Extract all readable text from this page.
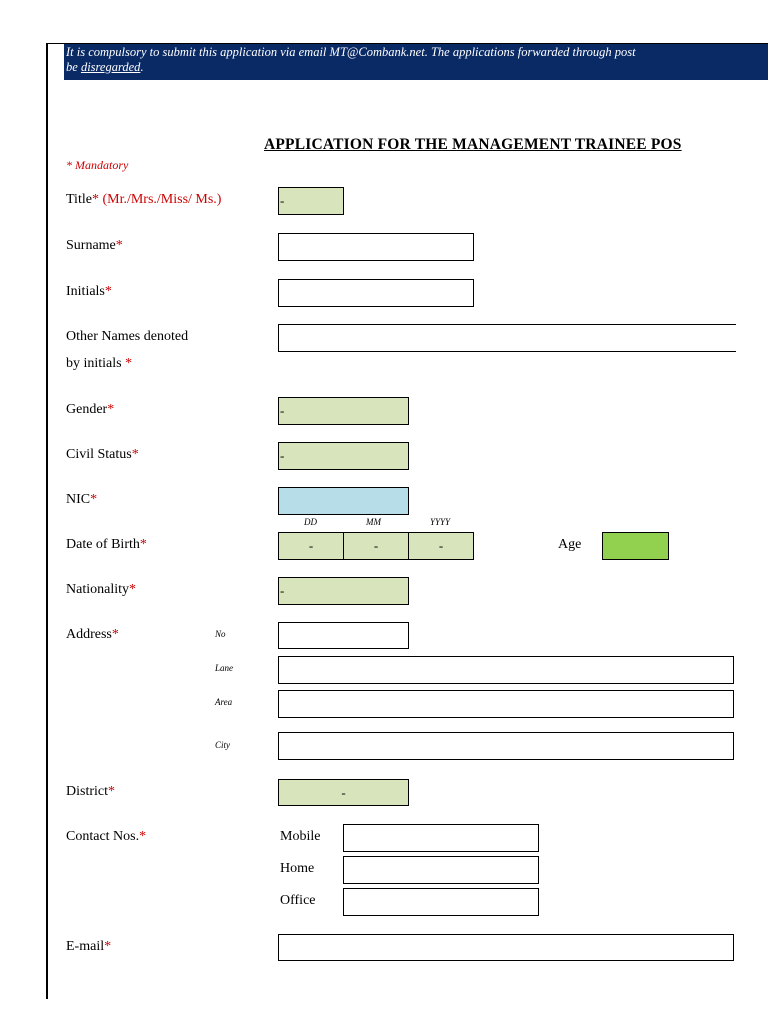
It is compulsory to submit this application via email MT@Combank.net. The applications forwarded through post
be disregarded.
APPLICATION FOR THE MANAGEMENT TRAINEE POS
* Mandatory
Title* (Mr./Mrs./Miss/ Ms.)	-
Surname*
Initials*
Other Names denoted
by initials *
Gender*	-
Civil Status*	-
NIC*
DD	MM	YYYY
Date of Birth*	-	-	-	Age
Nationality*	-
Address*	No
Lane
Area
City
District*	-
Contact Nos.*	Mobile
Home
Office
E-mail*
